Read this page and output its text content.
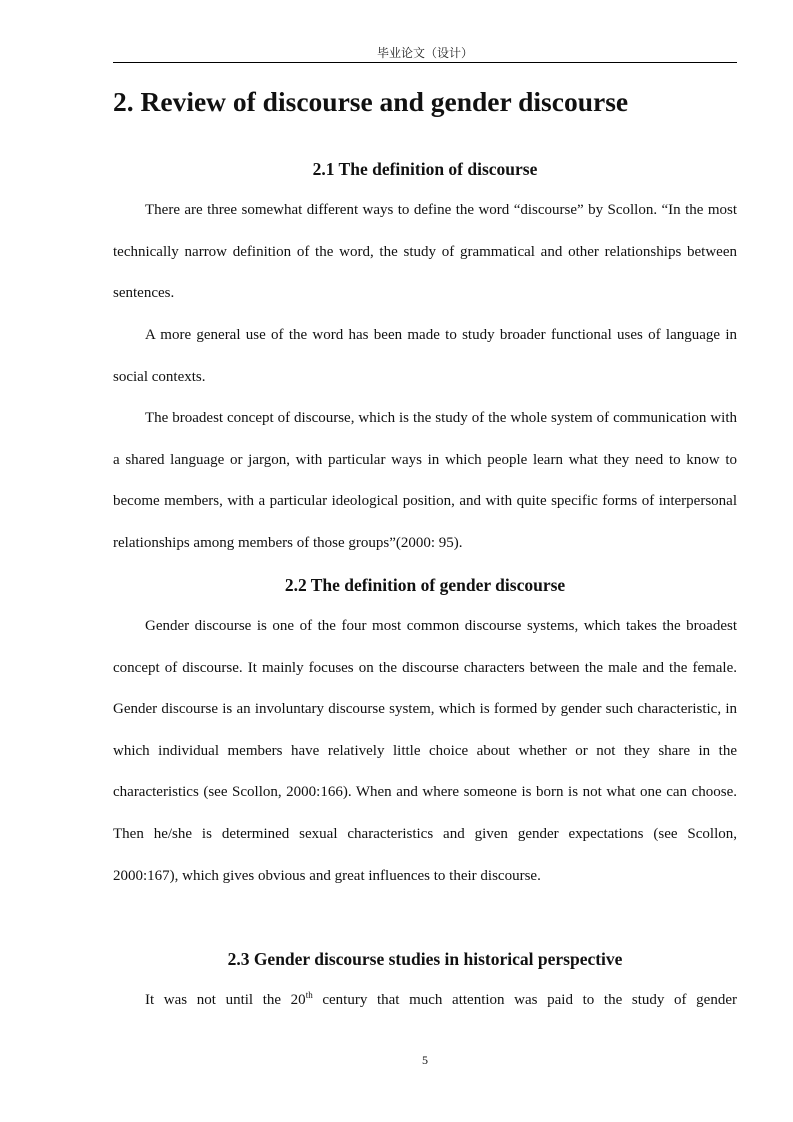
毕业论文（设计）
2. Review of discourse and gender discourse
2.1 The definition of discourse

There are three somewhat different ways to define the word “discourse” by Scollon. “In the most technically narrow definition of the word, the study of grammatical and other relationships between sentences.

A more general use of the word has been made to study broader functional uses of language in social contexts.

The broadest concept of discourse, which is the study of the whole system of communication with a shared language or jargon, with particular ways in which people learn what they need to know to become members, with a particular ideological position, and with quite specific forms of interpersonal relationships among members of those groups”(2000: 95).

2.2 The definition of gender discourse

Gender discourse is one of the four most common discourse systems, which takes the broadest concept of discourse. It mainly focuses on the discourse characters between the male and the female. Gender discourse is an involuntary discourse system, which is formed by gender such characteristic, in which individual members have relatively little choice about whether or not they share in the characteristics (see Scollon, 2000:166). When and where someone is born is not what one can choose. Then he/she is determined sexual characteristics and given gender expectations (see Scollon, 2000:167), which gives obvious and great influences to their discourse.

2.3 Gender discourse studies in historical perspective

It was not until the 20th century that much attention was paid to the study of gender

5
